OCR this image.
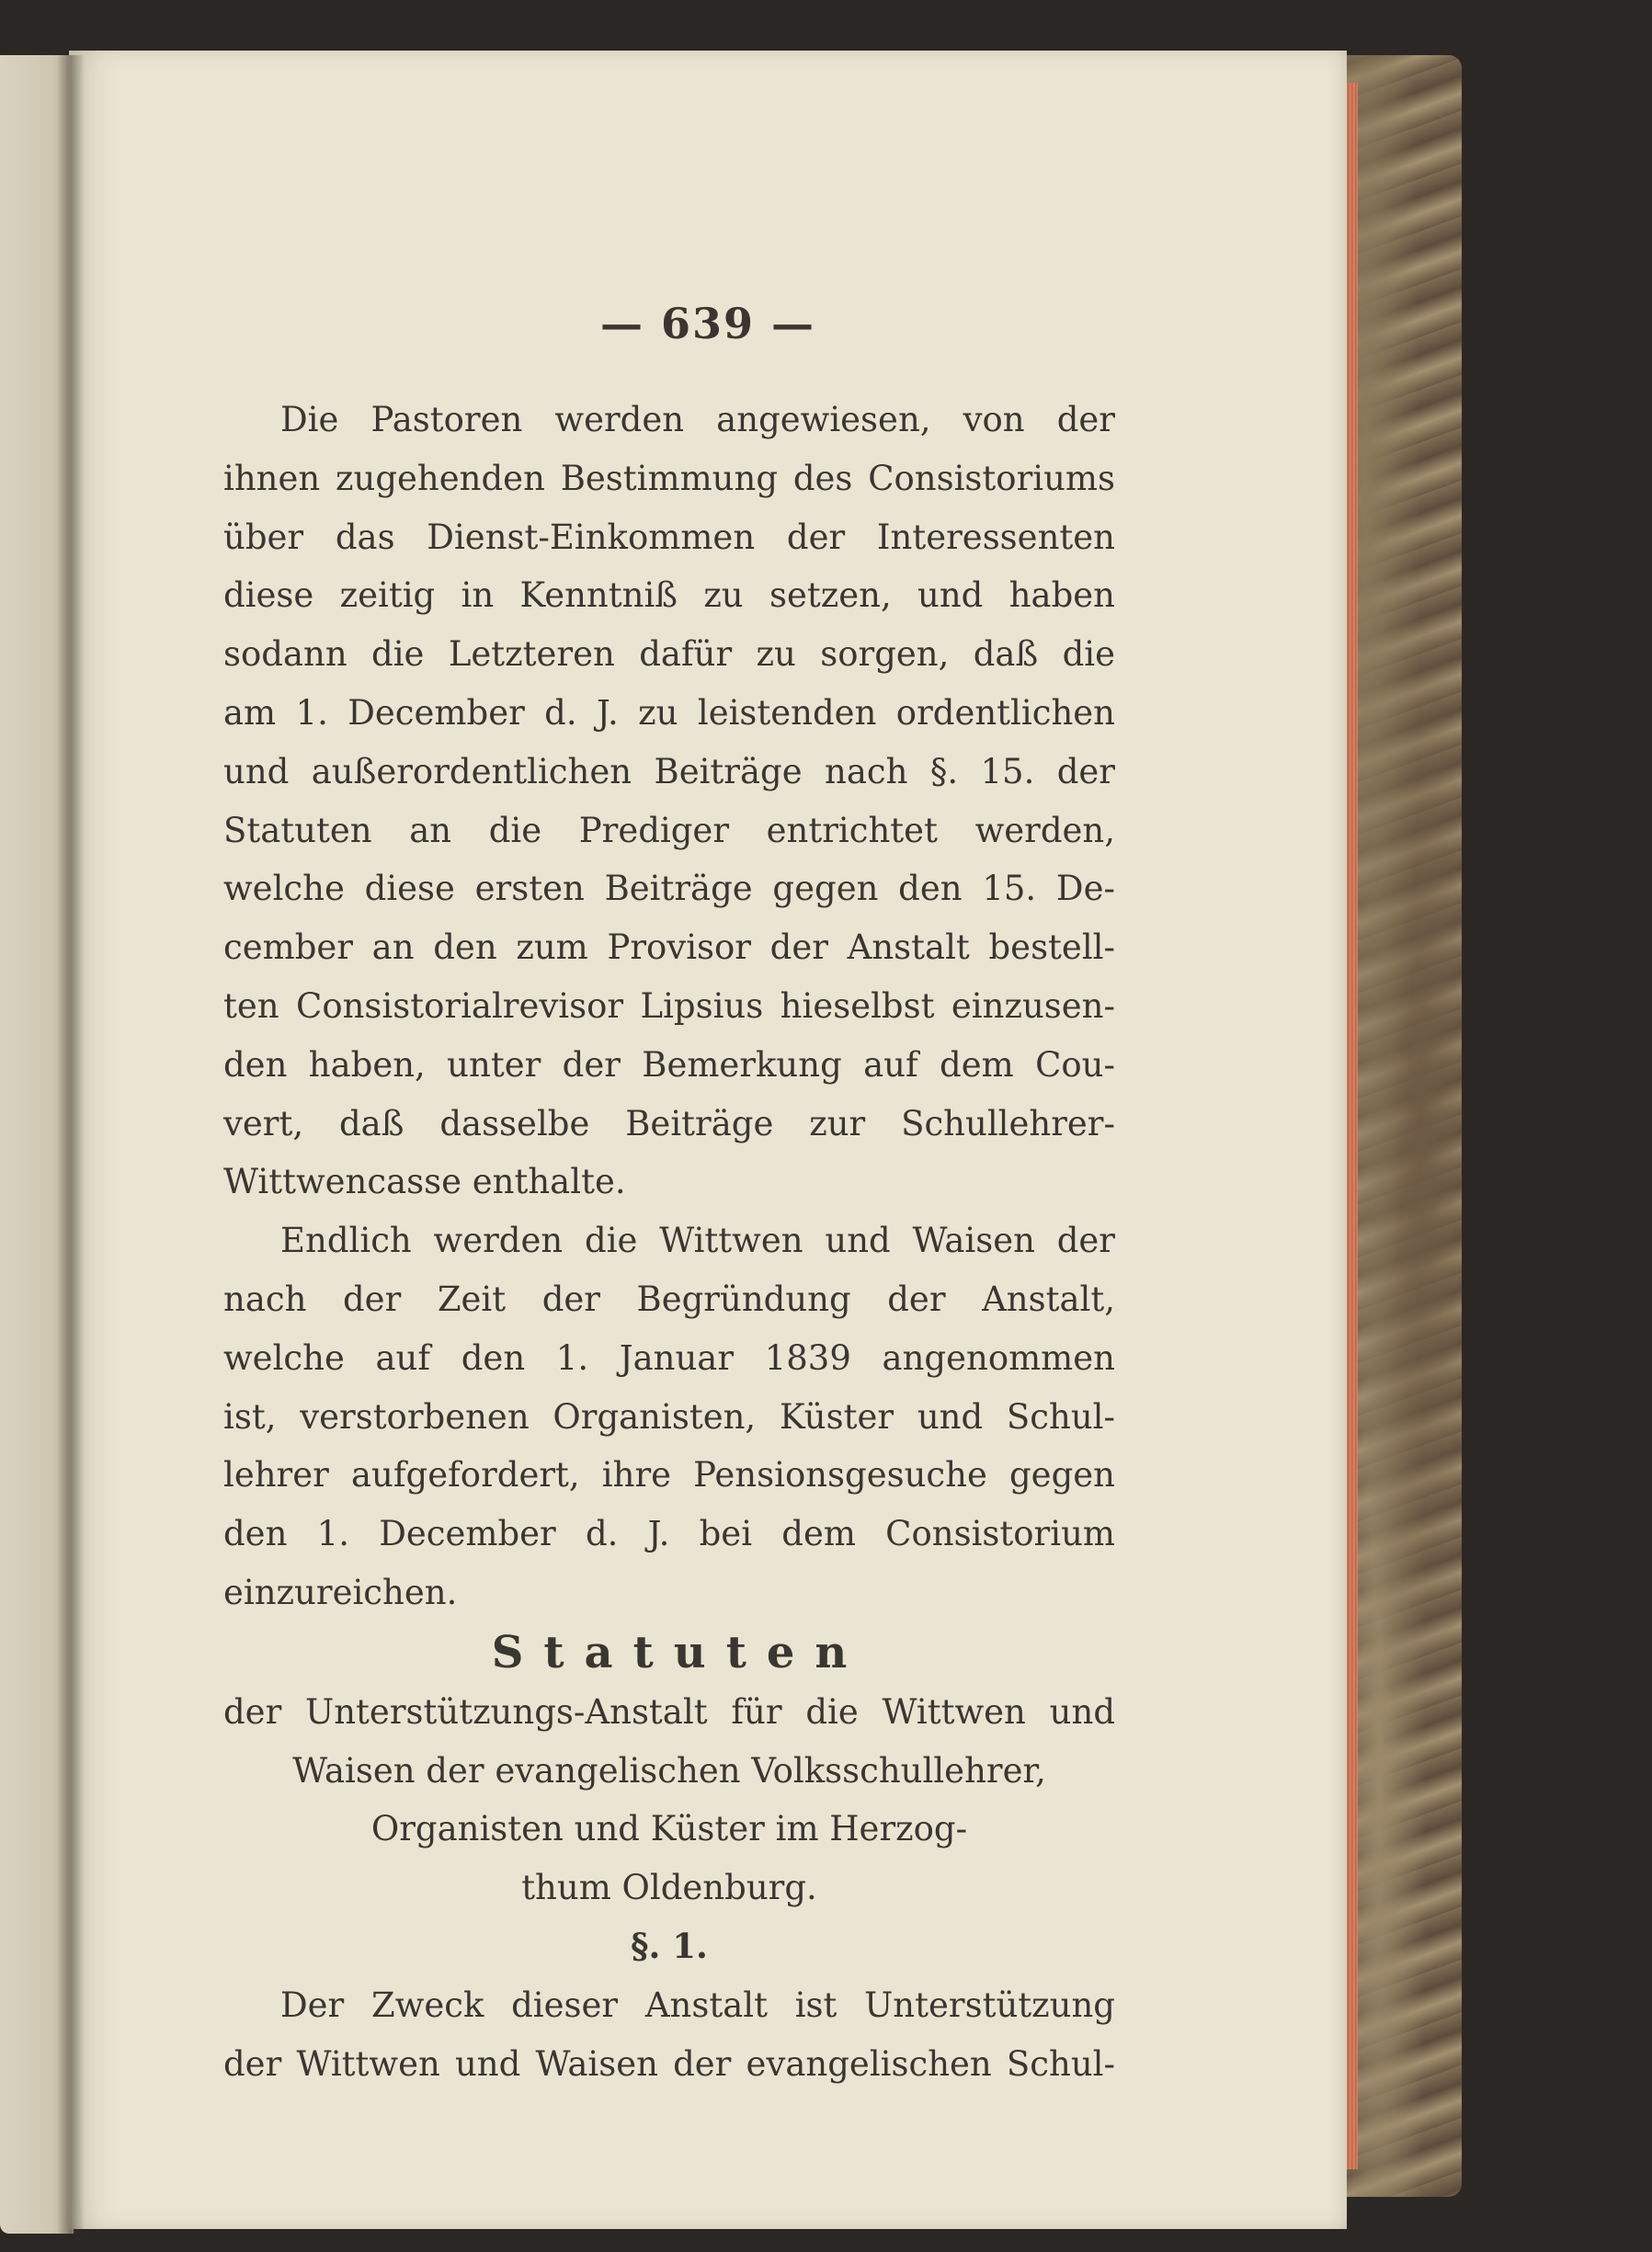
— 639 —
Die Pastoren werden angewiesen, von der
ihnen zugehenden Bestimmung des Consistoriums
über das Dienst-Einkommen der Interessenten
diese zeitig in Kenntniß zu setzen, und haben
sodann die Letzteren dafür zu sorgen, daß die
am 1. December d. J. zu leistenden ordentlichen
und außerordentlichen Beiträge nach §. 15. der
Statuten an die Prediger entrichtet werden,
welche diese ersten Beiträge gegen den 15. De-
cember an den zum Provisor der Anstalt bestell-
ten Consistorialrevisor Lipsius hieselbst einzusen-
den haben, unter der Bemerkung auf dem Cou-
vert, daß dasselbe Beiträge zur Schullehrer-
Wittwencasse enthalte.
Endlich werden die Wittwen und Waisen der
nach der Zeit der Begründung der Anstalt,
welche auf den 1. Januar 1839 angenommen
ist, verstorbenen Organisten, Küster und Schul-
lehrer aufgefordert, ihre Pensionsgesuche gegen
den 1. December d. J. bei dem Consistorium
einzureichen.
Statuten
der Unterstützungs-Anstalt für die Wittwen und
Waisen der evangelischen Volksschullehrer,
Organisten und Küster im Herzog-
thum Oldenburg.
§. 1.
Der Zweck dieser Anstalt ist Unterstützung
der Wittwen und Waisen der evangelischen Schul-
